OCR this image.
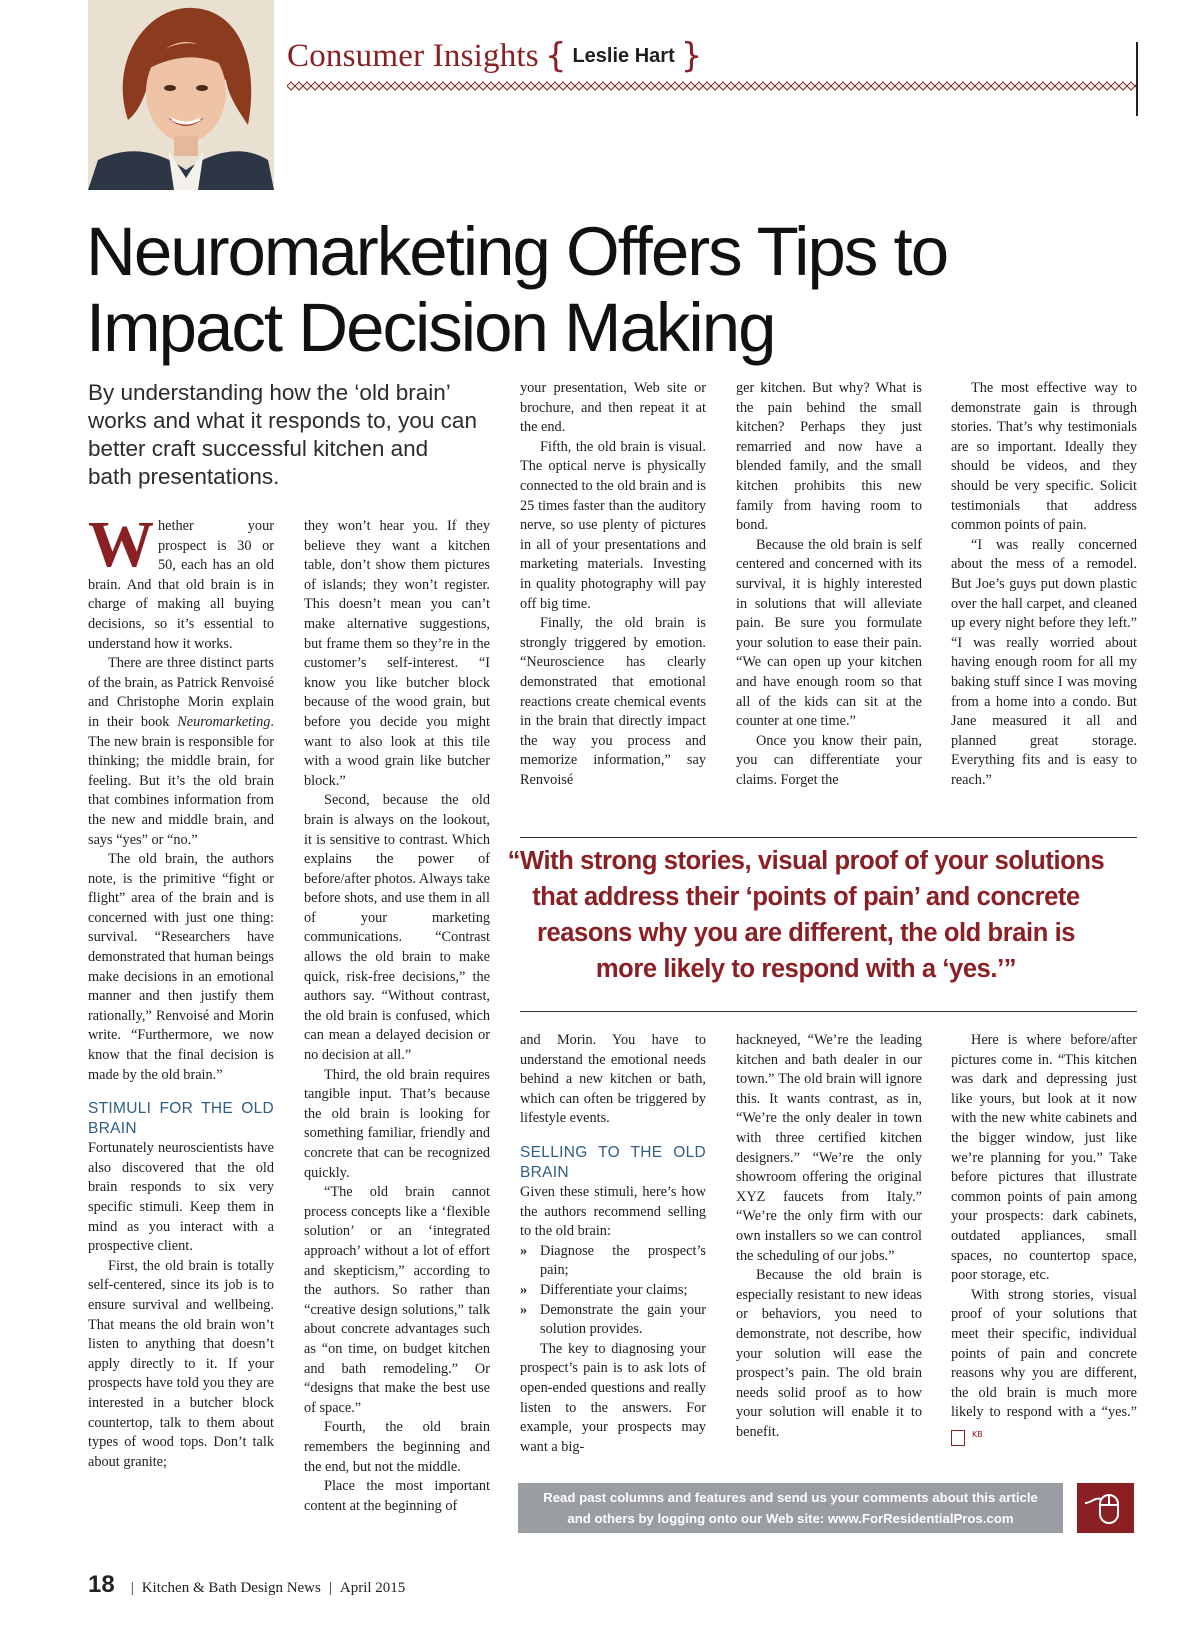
Consumer Insights { Leslie Hart }
Neuromarketing Offers Tips to Impact Decision Making
By understanding how the ‘old brain’ works and what it responds to, you can better craft successful kitchen and bath presentations.

Whether your prospect is 30 or 50, each has an old brain. And that old brain is in charge of making all buying decisions, so it’s essential to understand how it works.

There are three distinct parts of the brain, as Patrick Renvoisé and Christophe Morin explain in their book Neuromarketing. The new brain is responsible for thinking; the middle brain, for feeling. But it’s the old brain that combines information from the new and middle brain, and says “yes” or “no.”

The old brain, the authors note, is the primitive “fight or flight” area of the brain and is concerned with just one thing: survival. “Researchers have demonstrated that human beings make decisions in an emotional manner and then justify them rationally,” Renvoisé and Morin write. “Furthermore, we now know that the final decision is made by the old brain.”

STIMULI FOR THE OLD BRAIN

Fortunately neuroscientists have also discovered that the old brain responds to six very specific stimuli. Keep them in mind as you interact with a prospective client.

First, the old brain is totally self-centered, since its job is to ensure survival and wellbeing. That means the old brain won’t listen to anything that doesn’t apply directly to it. If your prospects have told you they are interested in a butcher block countertop, talk to them about types of wood tops. Don’t talk about granite;

they won’t hear you. If they believe they want a kitchen table, don’t show them pictures of islands; they won’t register. This doesn’t mean you can’t make alternative suggestions, but frame them so they’re in the customer’s self-interest. “I know you like butcher block because of the wood grain, but before you decide you might want to also look at this tile with a wood grain like butcher block.”

Second, because the old brain is always on the lookout, it is sensitive to contrast. Which explains the power of before/after photos. Always take before shots, and use them in all of your marketing communications. “Contrast allows the old brain to make quick, risk-free decisions,” the authors say. “Without contrast, the old brain is confused, which can mean a delayed decision or no decision at all.”

Third, the old brain requires tangible input. That’s because the old brain is looking for something familiar, friendly and concrete that can be recognized quickly.

“The old brain cannot process concepts like a ‘flexible solution’ or an ‘integrated approach’ without a lot of effort and skepticism,” according to the authors. So rather than “creative design solutions,” talk about concrete advantages such as “on time, on budget kitchen and bath remodeling.” Or “designs that make the best use of space.”

Fourth, the old brain remembers the beginning and the end, but not the middle.

Place the most important content at the beginning of

your presentation, Web site or brochure, and then repeat it at the end.

Fifth, the old brain is visual. The optical nerve is physically connected to the old brain and is 25 times faster than the auditory nerve, so use plenty of pictures in all of your presentations and marketing materials. Investing in quality photography will pay off big time.

Finally, the old brain is strongly triggered by emotion. “Neuroscience has clearly demonstrated that emotional reactions create chemical events in the brain that directly impact the way you process and memorize information,” say Renvoisé

ger kitchen. But why? What is the pain behind the small kitchen? Perhaps they just remarried and now have a blended family, and the small kitchen prohibits this new family from having room to bond.

Because the old brain is self centered and concerned with its survival, it is highly interested in solutions that will alleviate pain. Be sure you formulate your solution to ease their pain. “We can open up your kitchen and have enough room so that all of the kids can sit at the counter at one time.”

Once you know their pain, you can differentiate your claims. Forget the

The most effective way to demonstrate gain is through stories. That’s why testimonials are so important. Ideally they should be videos, and they should be very specific. Solicit testimonials that address common points of pain.

“I was really concerned about the mess of a remodel. But Joe’s guys put down plastic over the hall carpet, and cleaned up every night before they left.” “I was really worried about having enough room for all my baking stuff since I was moving from a home into a condo. But Jane measured it all and planned great storage. Everything fits and is easy to reach.”

“With strong stories, visual proof of your solutions that address their ‘points of pain’ and concrete reasons why you are different, the old brain is more likely to respond with a ‘yes.’”

and Morin. You have to understand the emotional needs behind a new kitchen or bath, which can often be triggered by lifestyle events.

SELLING TO THE OLD BRAIN

Given these stimuli, here’s how the authors recommend selling to the old brain:

» Diagnose the prospect’s pain;
» Differentiate your claims;
» Demonstrate the gain your solution provides.

The key to diagnosing your prospect’s pain is to ask lots of open-ended questions and really listen to the answers. For example, your prospects may want a big-

hackneyed, “We’re the leading kitchen and bath dealer in our town.” The old brain will ignore this. It wants contrast, as in, “We’re the only dealer in town with three certified kitchen designers.” “We’re the only showroom offering the original XYZ faucets from Italy.” “We’re the only firm with our own installers so we can control the scheduling of our jobs.”

Because the old brain is especially resistant to new ideas or behaviors, you need to demonstrate, not describe, how your solution will ease the prospect’s pain. The old brain needs solid proof as to how your solution will enable it to benefit.

Here is where before/after pictures come in. “This kitchen was dark and depressing just like yours, but look at it now with the new white cabinets and the bigger window, just like we’re planning for you.” Take before pictures that illustrate common points of pain among your prospects: dark cabinets, outdated appliances, small spaces, no countertop space, poor storage, etc.

With strong stories, visual proof of your solutions that meet their specific, individual points of pain and concrete reasons why you are different, the old brain is much more likely to respond with a “yes.” KB

Read past columns and features and send us your comments about this article
and others by logging onto our Web site: www.ForResidentialPros.com
18 | Kitchen & Bath Design News | April 2015
